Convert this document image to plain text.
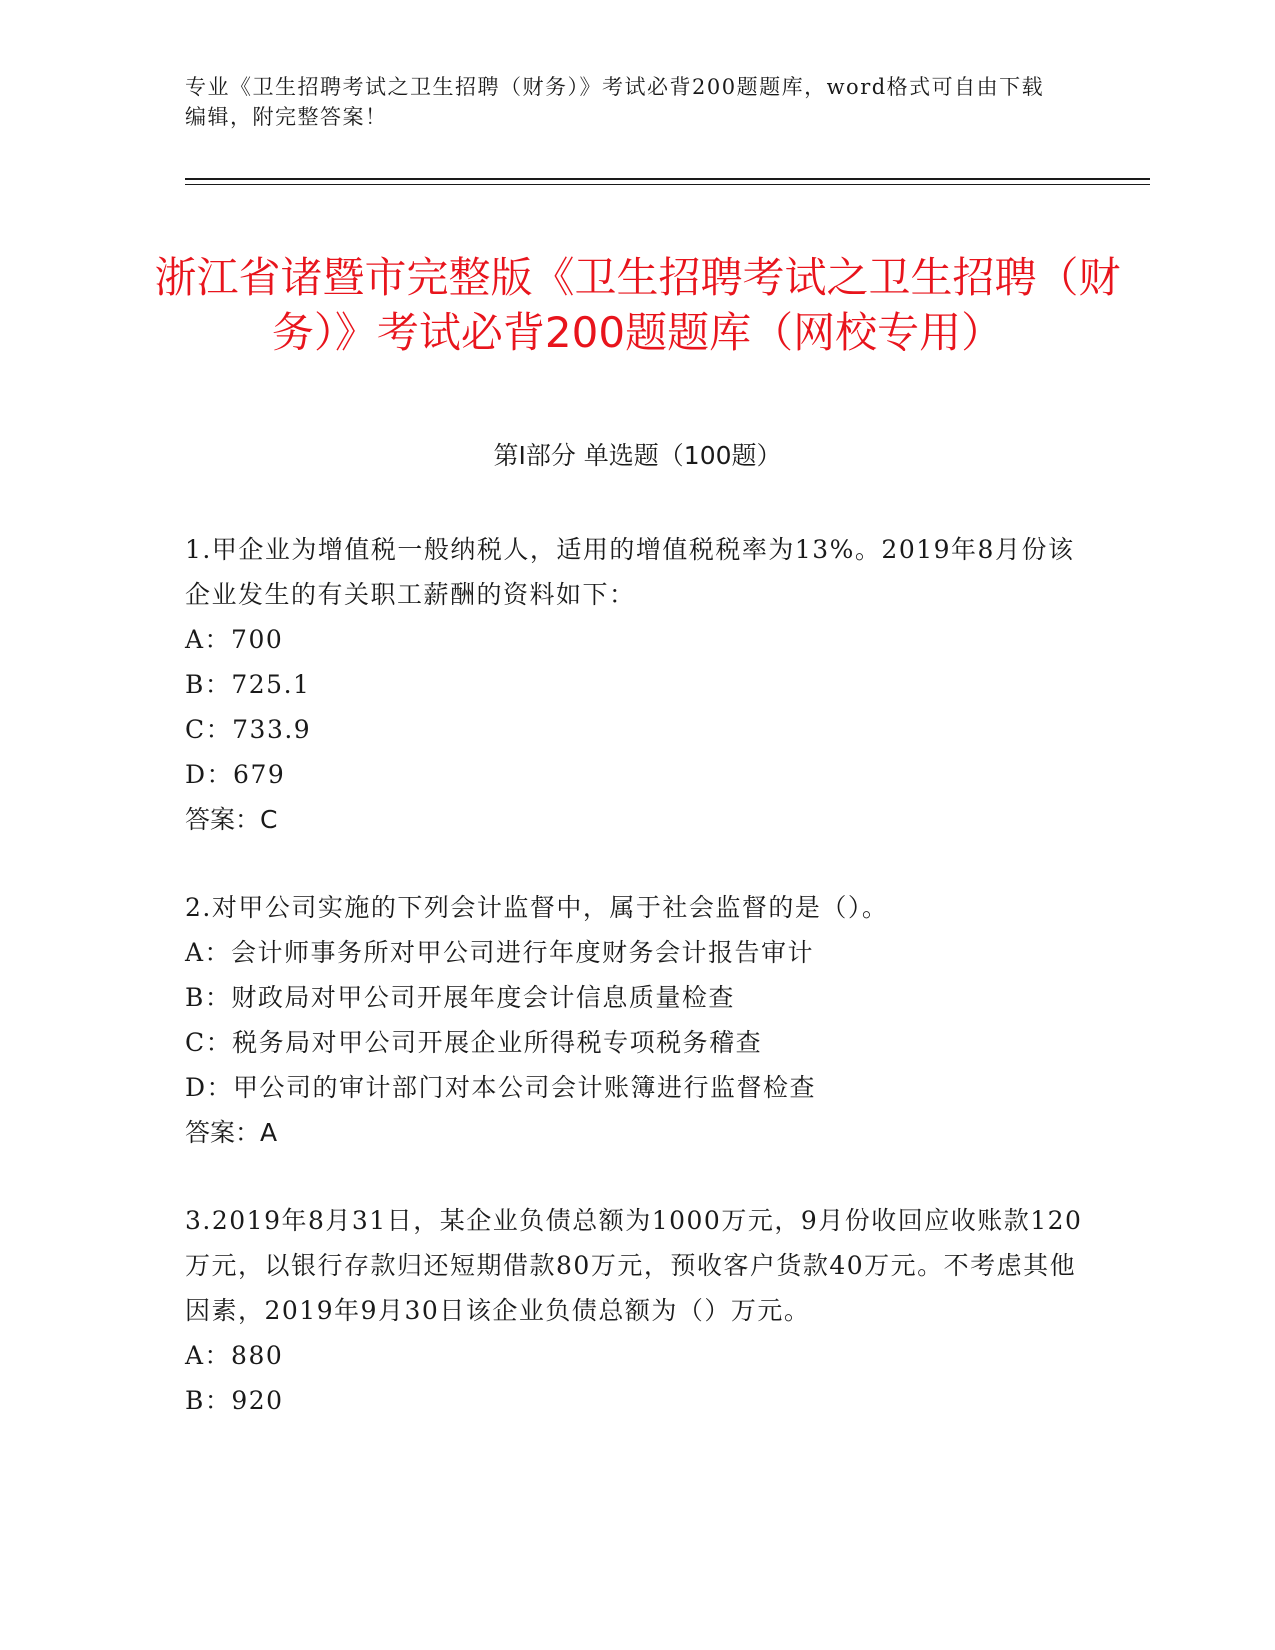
专业《卫生招聘考试之卫生招聘（财务）》考试必背200题题库，word格式可自由下载编辑，附完整答案！
浙江省诸暨市完整版《卫生招聘考试之卫生招聘（财务）》考试必背200题题库（网校专用）
第I部分 单选题（100题）

1.甲企业为增值税一般纳税人，适用的增值税税率为13%。2019年8月份该企业发生的有关职工薪酬的资料如下：

A：700

B：725.1

C：733.9

D：679

答案：C

2.对甲公司实施的下列会计监督中，属于社会监督的是（）。

A：会计师事务所对甲公司进行年度财务会计报告审计

B：财政局对甲公司开展年度会计信息质量检查

C：税务局对甲公司开展企业所得税专项税务稽查

D：甲公司的审计部门对本公司会计账簿进行监督检查

答案：A

3.2019年8月31日，某企业负债总额为1000万元，9月份收回应收账款120万元，以银行存款归还短期借款80万元，预收客户货款40万元。不考虑其他因素，2019年9月30日该企业负债总额为（）万元。

A：880

B：920
